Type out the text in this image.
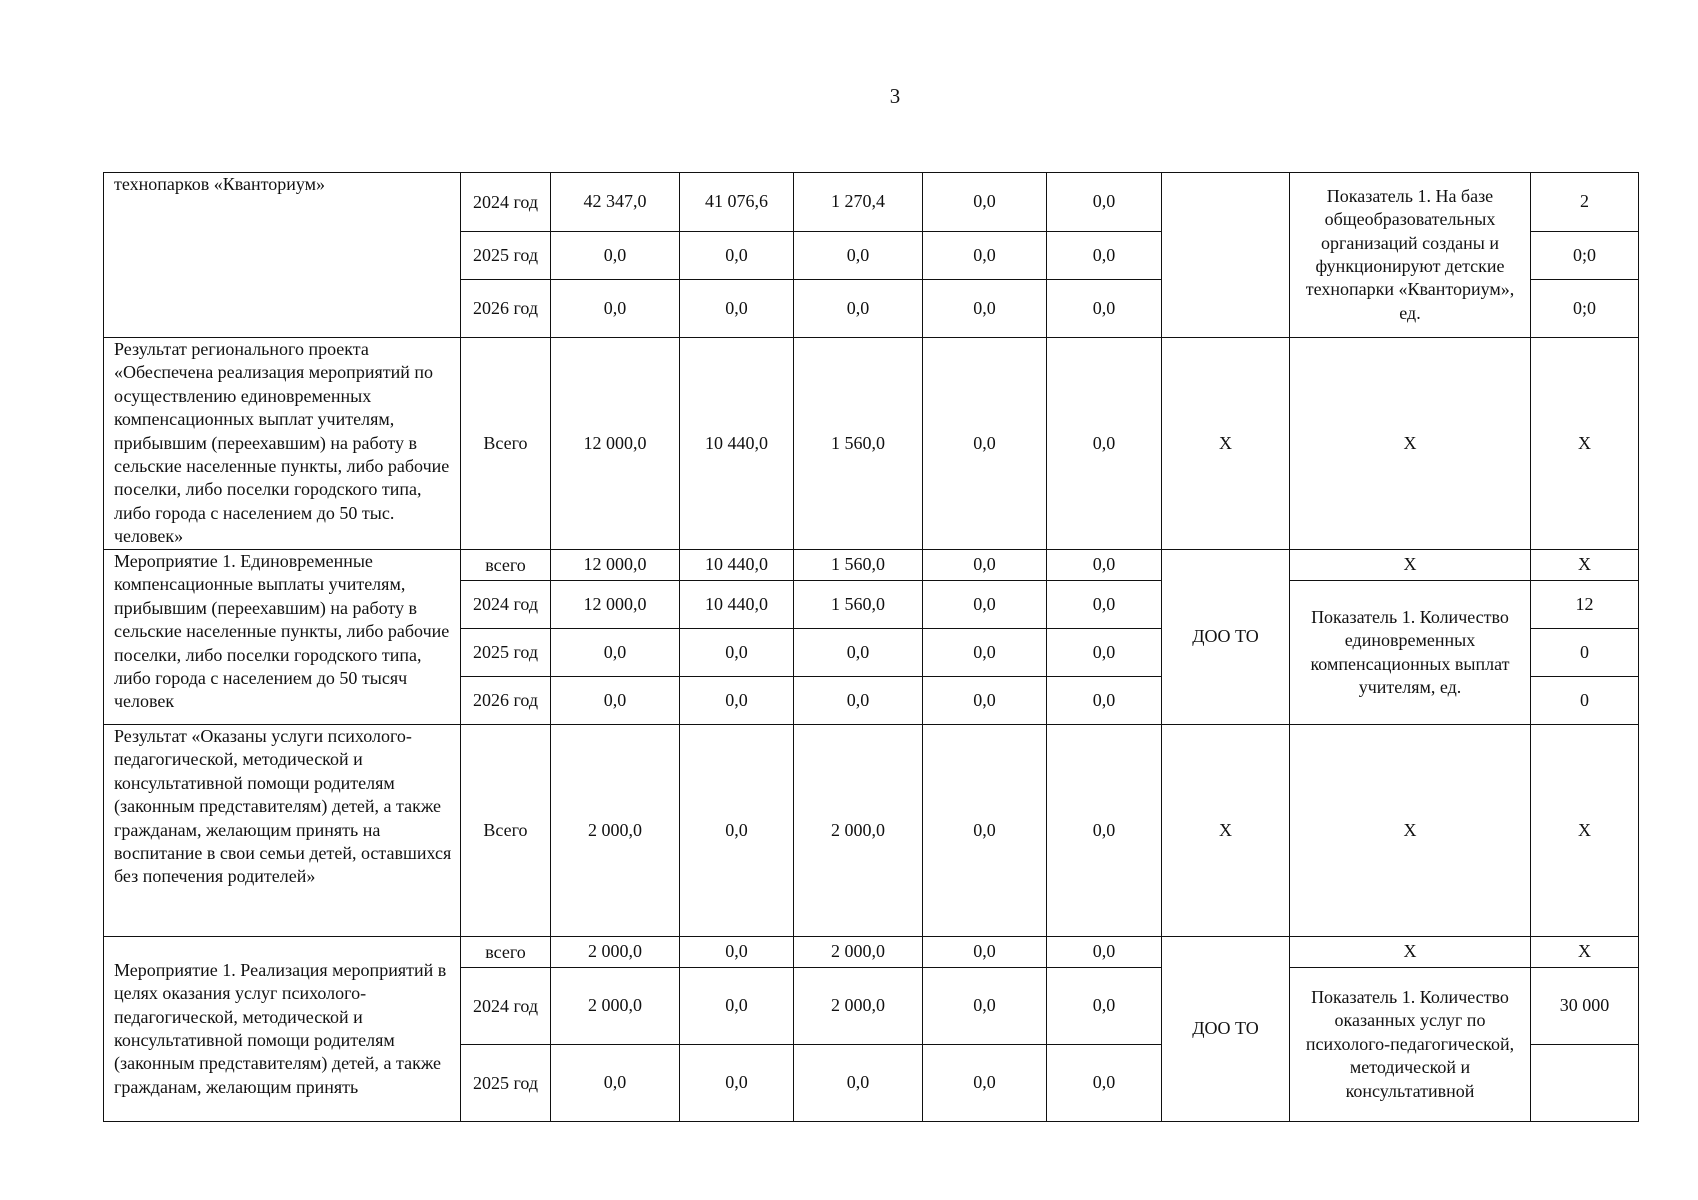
3
технопарков «Кванториум»	2024 год	42 347,0	41 076,6	1 270,4	0,0	0,0		Показатель 1. На базе общеобразовательных организаций созданы и функционируют детские технопарки «Кванториум», ед.	2
	2025 год	0,0	0,0	0,0	0,0	0,0			0;0
	2026 год	0,0	0,0	0,0	0,0	0,0			0;0
Результат регионального проекта «Обеспечена реализация мероприятий по осуществлению единовременных компенсационных выплат учителям, прибывшим (переехавшим) на работу в сельские населенные пункты, либо рабочие поселки, либо поселки городского типа, либо города с населением до 50 тыс. человек»	Всего	12 000,0	10 440,0	1 560,0	0,0	0,0	Х	Х	Х
Мероприятие 1. Единовременные компенсационные выплаты учителям, прибывшим (переехавшим) на работу в сельские населенные пункты, либо рабочие поселки, либо поселки городского типа, либо города с населением до 50 тысяч человек	всего	12 000,0	10 440,0	1 560,0	0,0	0,0	ДОО ТО	Х	Х
	2024 год	12 000,0	10 440,0	1 560,0	0,0	0,0		Показатель 1. Количество единовременных компенсационных выплат учителям, ед.	12
	2025 год	0,0	0,0	0,0	0,0	0,0			0
	2026 год	0,0	0,0	0,0	0,0	0,0			0
Результат «Оказаны услуги психолого-педагогической, методической и консультативной помощи родителям (законным представителям) детей, а также гражданам, желающим принять на воспитание в свои семьи детей, оставшихся без попечения родителей»	Всего	2 000,0	0,0	2 000,0	0,0	0,0	Х	Х	Х
Мероприятие 1. Реализация мероприятий в целях оказания услуг психолого-педагогической, методической и консультативной помощи родителям (законным представителям) детей, а также гражданам, желающим принять	всего	2 000,0	0,0	2 000,0	0,0	0,0	ДОО ТО	Х	Х
	2024 год	2 000,0	0,0	2 000,0	0,0	0,0		Показатель 1. Количество оказанных услуг по психолого-педагогической, методической и консультативной	30 000
	2025 год	0,0	0,0	0,0	0,0	0,0			
